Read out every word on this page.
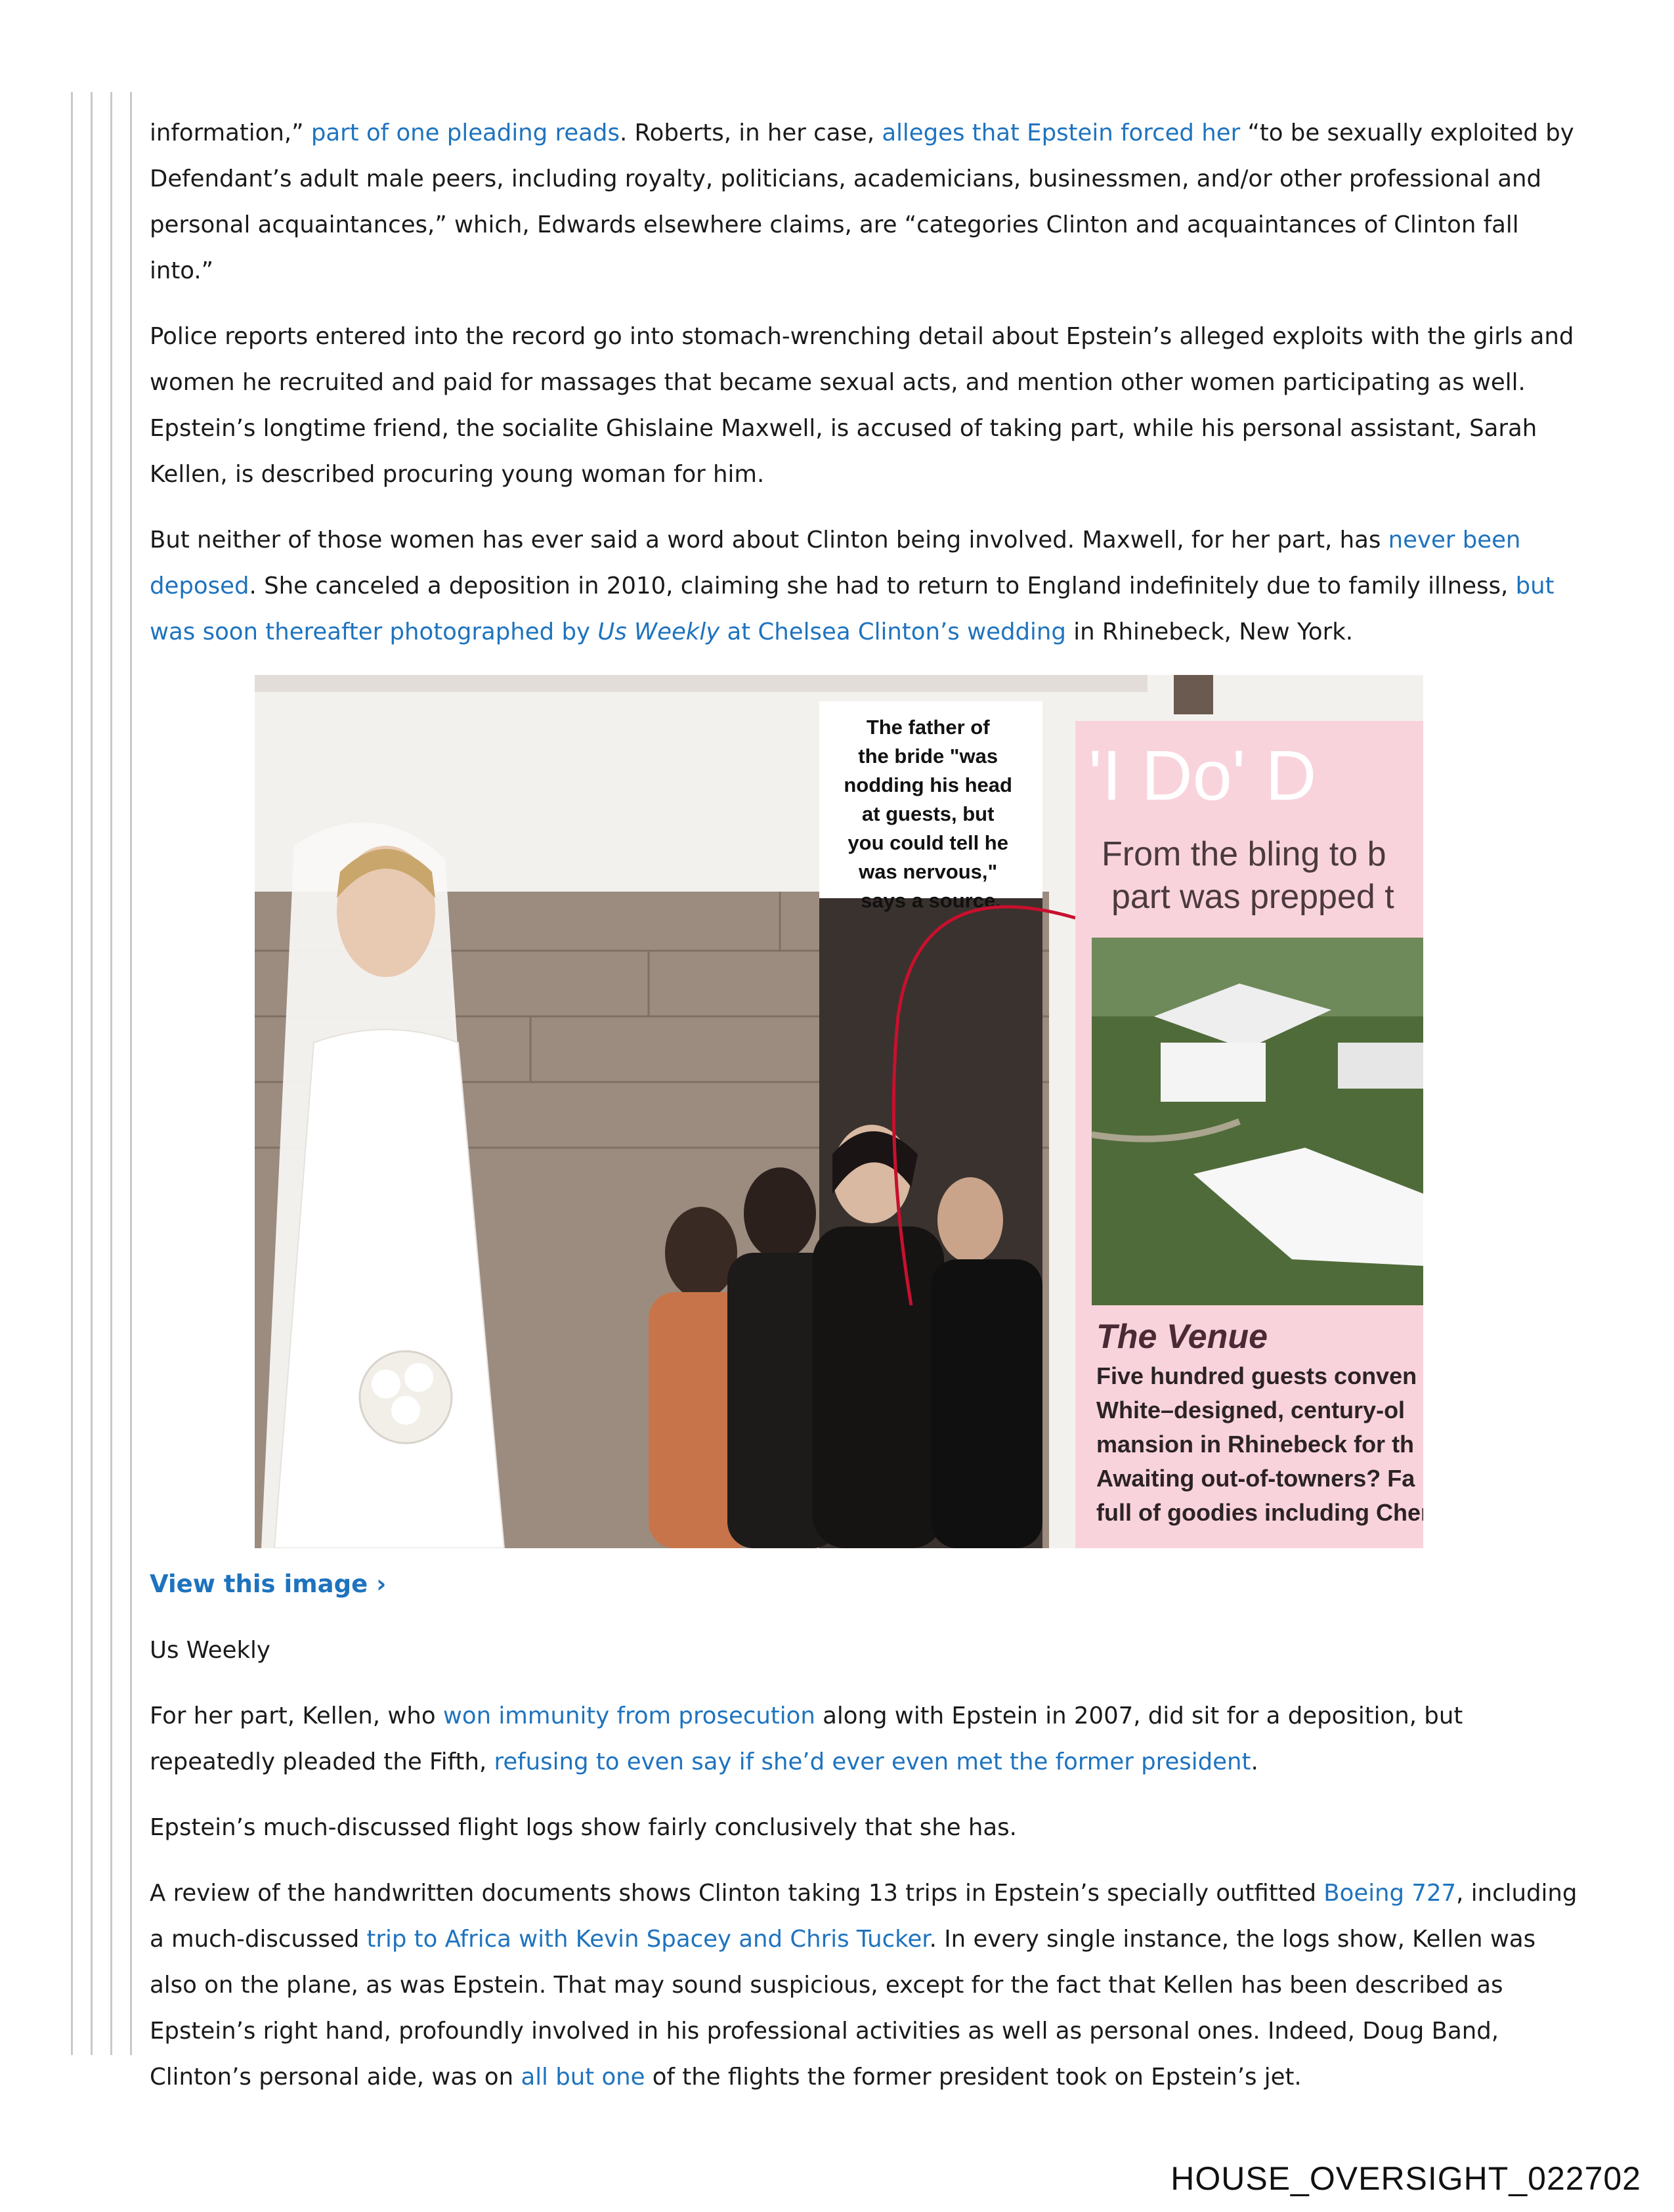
information,” part of one pleading reads. Roberts, in her case, alleges that Epstein forced her “to be sexually exploited by Defendant’s adult male peers, including royalty, politicians, academicians, businessmen, and/or other professional and personal acquaintances,” which, Edwards elsewhere claims, are “categories Clinton and acquaintances of Clinton fall into.”

Police reports entered into the record go into stomach-wrenching detail about Epstein’s alleged exploits with the girls and women he recruited and paid for massages that became sexual acts, and mention other women participating as well. Epstein’s longtime friend, the socialite Ghislaine Maxwell, is accused of taking part, while his personal assistant, Sarah Kellen, is described procuring young woman for him.

But neither of those women has ever said a word about Clinton being involved. Maxwell, for her part, has never been deposed. She canceled a deposition in 2010, claiming she had to return to England indefinitely due to family illness, but was soon thereafter photographed by Us Weekly at Chelsea Clinton’s wedding in Rhinebeck, New York.

The father of the bride "was nodding his head at guests, but you could tell he was nervous," says a source.
'I Do' D
From the bling to b
part was prepped t
The Venue
Five hundred guests conven White–designed, century-ol mansion in Rhinebeck for th Awaiting out-of-towners? Fa full of goodies including Cher

View this image ›

Us Weekly

For her part, Kellen, who won immunity from prosecution along with Epstein in 2007, did sit for a deposition, but repeatedly pleaded the Fifth, refusing to even say if she’d ever even met the former president.

Epstein’s much-discussed flight logs show fairly conclusively that she has.

A review of the handwritten documents shows Clinton taking 13 trips in Epstein’s specially outfitted Boeing 727, including a much-discussed trip to Africa with Kevin Spacey and Chris Tucker. In every single instance, the logs show, Kellen was also on the plane, as was Epstein. That may sound suspicious, except for the fact that Kellen has been described as Epstein’s right hand, profoundly involved in his professional activities as well as personal ones. Indeed, Doug Band, Clinton’s personal aide, was on all but one of the flights the former president took on Epstein’s jet.

HOUSE_OVERSIGHT_022702
